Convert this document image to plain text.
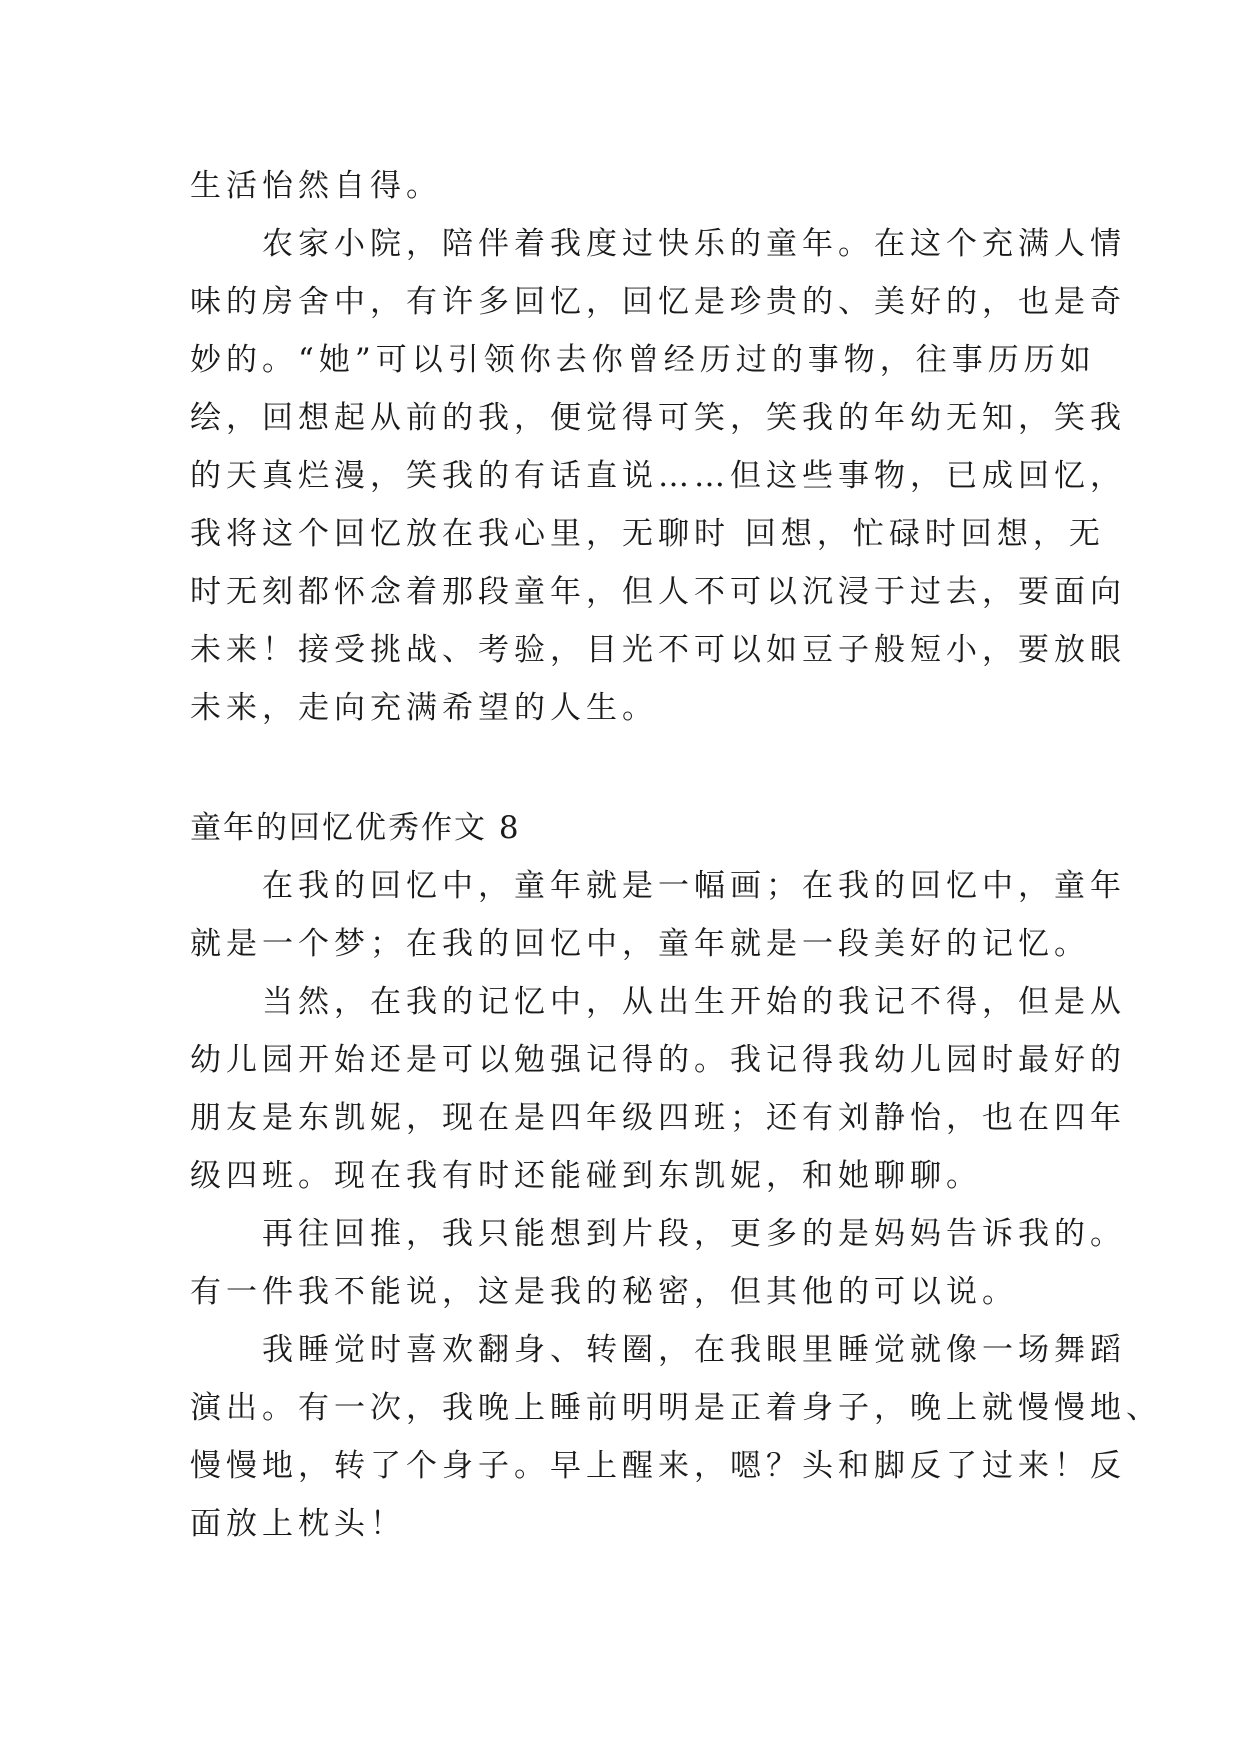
生活怡然自得。

　　农家小院，陪伴着我度过快乐的童年。在这个充满人情

味的房舍中，有许多回忆，回忆是珍贵的、美好的，也是奇

妙的。“她”可以引领你去你曾经历过的事物，往事历历如

绘，回想起从前的我，便觉得可笑，笑我的年幼无知，笑我

的天真烂漫，笑我的有话直说……但这些事物，已成回忆，

我将这个回忆放在我心里，无聊时 回想，忙碌时回想，无

时无刻都怀念着那段童年，但人不可以沉浸于过去，要面向

未来！接受挑战、考验，目光不可以如豆子般短小，要放眼

未来，走向充满希望的人生。

童年的回忆优秀作文 8

　　在我的回忆中，童年就是一幅画；在我的回忆中，童年

就是一个梦；在我的回忆中，童年就是一段美好的记忆。

　　当然，在我的记忆中，从出生开始的我记不得，但是从

幼儿园开始还是可以勉强记得的。我记得我幼儿园时最好的

朋友是东凯妮，现在是四年级四班；还有刘静怡，也在四年

级四班。现在我有时还能碰到东凯妮，和她聊聊。

　　再往回推，我只能想到片段，更多的是妈妈告诉我的。

有一件我不能说，这是我的秘密，但其他的可以说。

　　我睡觉时喜欢翻身、转圈，在我眼里睡觉就像一场舞蹈

演出。有一次，我晚上睡前明明是正着身子，晚上就慢慢地、

慢慢地，转了个身子。早上醒来，嗯？头和脚反了过来！反

面放上枕头！
